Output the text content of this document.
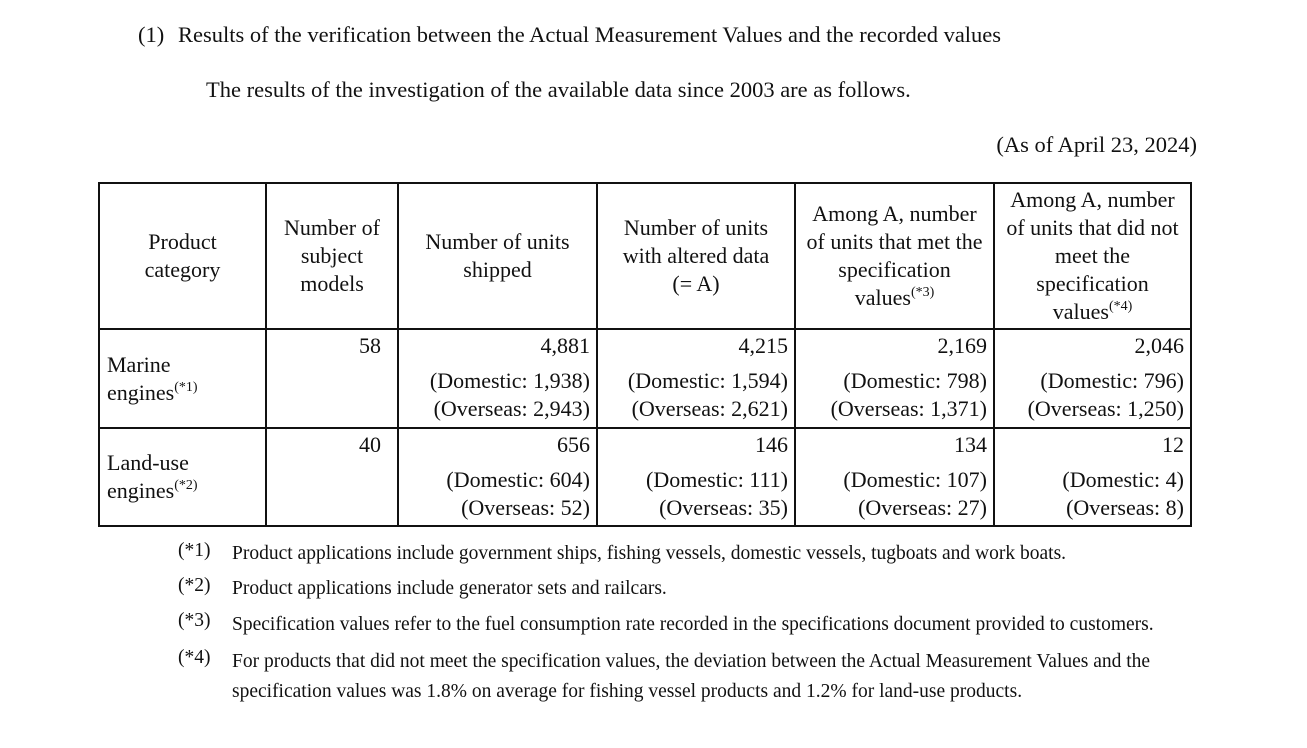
(1) Results of the verification between the Actual Measurement Values and the recorded values
The results of the investigation of the available data since 2003 are as follows.
(As of April 23, 2024)
Product category	Number of subject models	Number of units shipped	Number of units with altered data (= A)	Among A, number of units that met the specification values$^{(*3)}$	Among A, number of units that did not meet the specification values$^{(*4)}$

Marine engines$^{(*1)}$	58	4,881
(Domestic: 1,938)
(Overseas: 2,943)	4,215
(Domestic: 1,594)
(Overseas: 2,621)	2,169
(Domestic: 798)
(Overseas: 1,371)	2,046
(Domestic: 796)
(Overseas: 1,250)

Land-use engines$^{(*2)}$	40	656
(Domestic: 604)
(Overseas: 52)	146
(Domestic: 111)
(Overseas: 35)	134
(Domestic: 107)
(Overseas: 27)	12
(Domestic: 4)
(Overseas: 8)
(*1)	Product applications include government ships, fishing vessels, domestic vessels, tugboats and work boats.
(*2)	Product applications include generator sets and railcars.
(*3)	Specification values refer to the fuel consumption rate recorded in the specifications document provided to customers.
(*4)	For products that did not meet the specification values, the deviation between the Actual Measurement Values and the specification values was 1.8% on average for fishing vessel products and 1.2% for land-use products.
